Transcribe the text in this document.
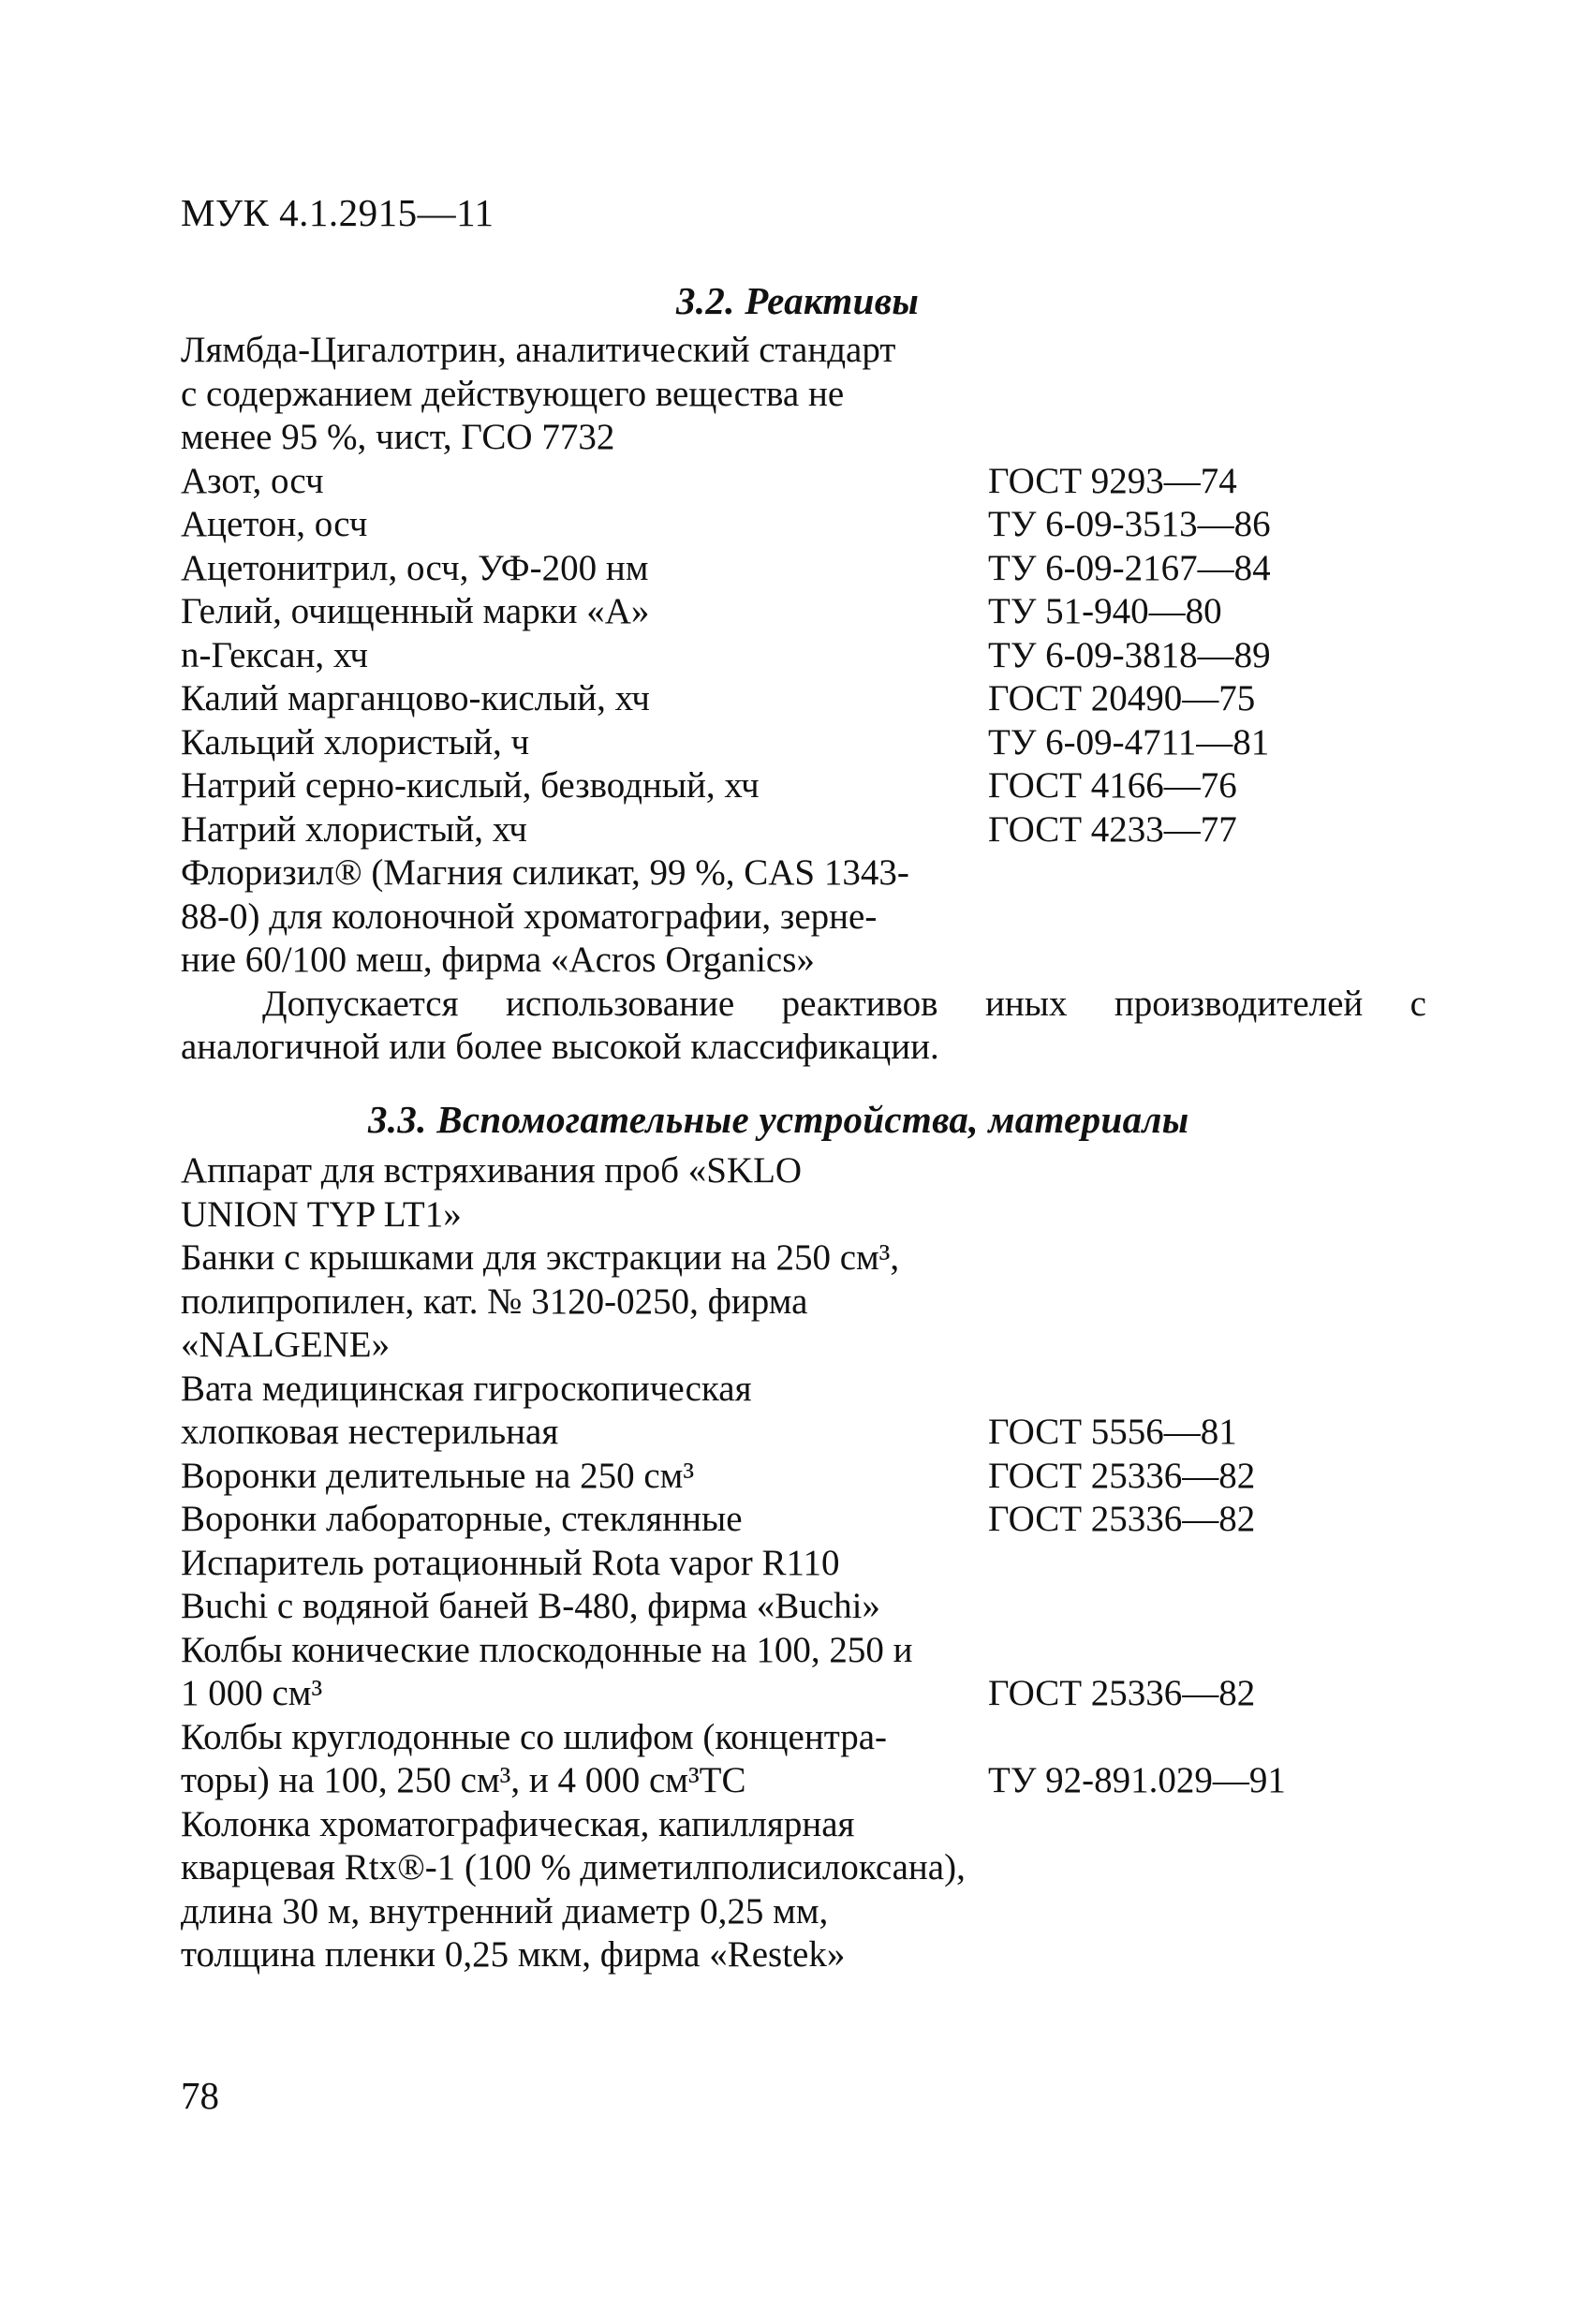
МУК 4.1.2915—11
3.2. Реактивы
Лямбда-Цигалотрин, аналитический стандарт
с содержанием действующего вещества не
менее 95 %, чист, ГСО 7732
Азот, осч	ГОСТ 9293—74
Ацетон, осч	ТУ 6-09-3513—86
Ацетонитрил, осч, УФ-200 нм	ТУ 6-09-2167—84
Гелий, очищенный марки «А»	ТУ 51-940—80
n-Гексан, хч	ТУ 6-09-3818—89
Калий марганцово-кислый, хч	ГОСТ 20490—75
Кальций хлористый, ч	ТУ 6-09-4711—81
Натрий серно-кислый, безводный, хч	ГОСТ 4166—76
Натрий хлористый, хч	ГОСТ 4233—77
Флоризил® (Магния силикат, 99 %, CAS 1343-
88-0) для колоночной хроматографии, зерне-
ние 60/100 меш, фирма «Acros Organics»

Допускается использование реактивов иных производителей с аналогичной или более высокой классификации.

3.3. Вспомогательные устройства, материалы
Аппарат для встряхивания проб «SKLO
UNION TYP LT1»
Банки с крышками для экстракции на 250 см³,
полипропилен, кат. № 3120-0250, фирма
«NALGENE»
Вата медицинская гигроскопическая
хлопковая нестерильная	ГОСТ 5556—81
Воронки делительные на 250 см³	ГОСТ 25336—82
Воронки лабораторные, стеклянные	ГОСТ 25336—82
Испаритель ротационный Rota vapor R110
Buchi с водяной баней B-480, фирма «Buchi»
Колбы конические плоскодонные на 100, 250 и
1 000 см³	ГОСТ 25336—82
Колбы круглодонные со шлифом (концентра-
торы) на 100, 250 см³, и 4 000 см³ТС	ТУ 92-891.029—91
Колонка хроматографическая, капиллярная
кварцевая Rtx®-1 (100 % диметилполисилоксана),
длина 30 м, внутренний диаметр 0,25 мм,
толщина пленки 0,25 мкм, фирма «Restek»
78
